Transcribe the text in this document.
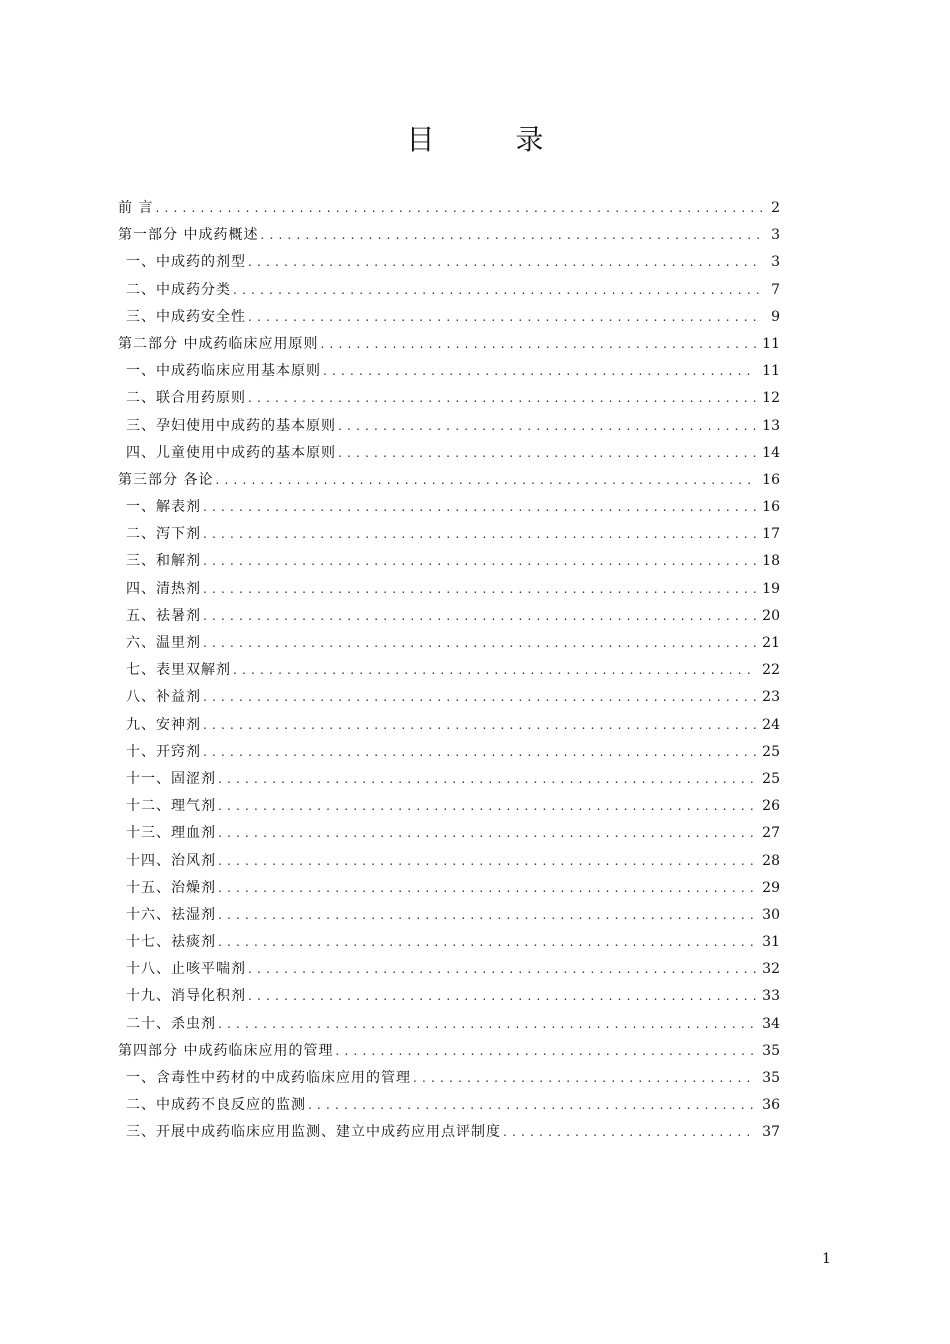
目 录
前 言 .....	2
第一部分 中成药概述 .....	3
一、中成药的剂型 .....	3
二、中成药分类 .....	7
三、中成药安全性 .....	9
第二部分 中成药临床应用原则 .....	11
一、中成药临床应用基本原则 .....	11
二、联合用药原则 .....	12
三、孕妇使用中成药的基本原则 .....	13
四、儿童使用中成药的基本原则 .....	14
第三部分 各论 .....	16
一、解表剂 .....	16
二、泻下剂 .....	17
三、和解剂 .....	18
四、清热剂 .....	19
五、祛暑剂 .....	20
六、温里剂 .....	21
七、表里双解剂 .....	22
八、补益剂 .....	23
九、安神剂 .....	24
十、开窍剂 .....	25
十一、固涩剂 .....	25
十二、理气剂 .....	26
十三、理血剂 .....	27
十四、治风剂 .....	28
十五、治燥剂 .....	29
十六、祛湿剂 .....	30
十七、祛痰剂 .....	31
十八、止咳平喘剂 .....	32
十九、消导化积剂 .....	33
二十、杀虫剂 .....	34
第四部分 中成药临床应用的管理 .....	35
一、含毒性中药材的中成药临床应用的管理 .....	35
二、中成药不良反应的监测 .....	36
三、开展中成药临床应用监测、建立中成药应用点评制度 .....	37
1
